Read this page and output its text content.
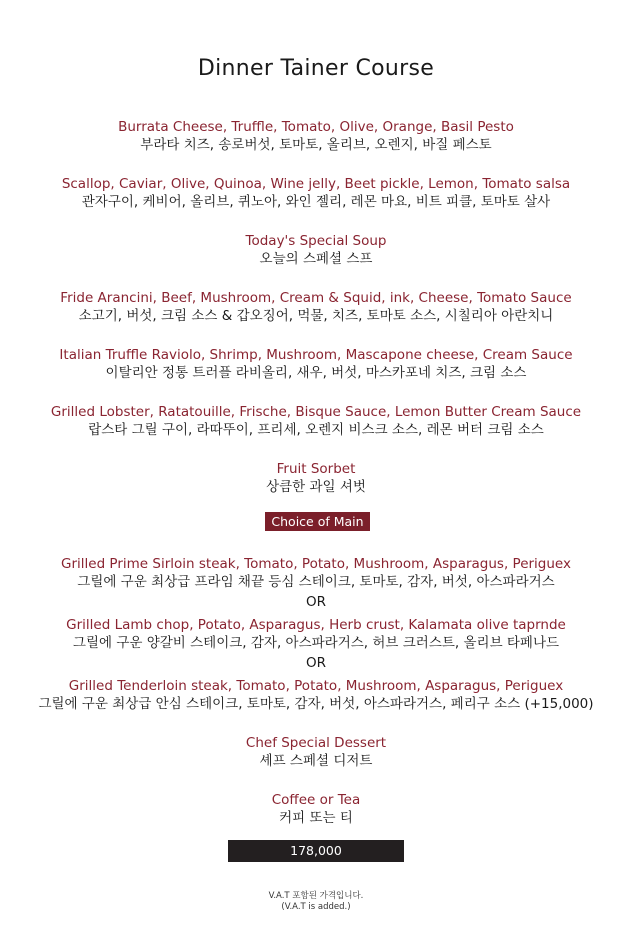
Dinner Tainer Course
Burrata Cheese, Truffle, Tomato, Olive, Orange, Basil Pesto
부라타 치즈, 송로버섯, 토마토, 올리브, 오렌지, 바질 페스토
Scallop, Caviar, Olive, Quinoa, Wine jelly, Beet pickle, Lemon, Tomato salsa
관자구이, 케비어, 올리브, 퀴노아, 와인 젤리, 레몬 마요, 비트 피클, 토마토 살사
Today's Special Soup
오늘의 스페셜 스프
Fride Arancini, Beef, Mushroom, Cream & Squid, ink, Cheese, Tomato Sauce
소고기, 버섯, 크림 소스 & 갑오징어, 먹물, 치즈, 토마토 소스, 시칠리아 아란치니
Italian Truffle Raviolo, Shrimp, Mushroom, Mascapone cheese, Cream Sauce
이탈리안 정통 트러플 라비올리, 새우, 버섯, 마스카포네 치즈, 크림 소스
Grilled Lobster, Ratatouille, Frische, Bisque Sauce, Lemon Butter Cream Sauce
랍스타 그릴 구이, 라따뚜이, 프리세, 오렌지 비스크 소스, 레몬 버터 크림 소스
Fruit Sorbet
상큼한 과일 셔벗
Choice of Main
Grilled Prime Sirloin steak, Tomato, Potato, Mushroom, Asparagus, Periguex
그릴에 구운 최상급 프라임 채끝 등심 스테이크, 토마토, 감자, 버섯, 아스파라거스
OR
Grilled Lamb chop, Potato, Asparagus, Herb crust, Kalamata olive taprnde
그릴에 구운 양갈비 스테이크, 감자, 아스파라거스, 허브 크러스트, 올리브 타페나드
OR
Grilled Tenderloin steak, Tomato, Potato, Mushroom, Asparagus, Periguex
그릴에 구운 최상급 안심 스테이크, 토마토, 감자, 버섯, 아스파라거스, 페리구 소스 (+15,000)
Chef Special Dessert
셰프 스페셜 디저트
Coffee or Tea
커피 또는 티
178,000
V.A.T 포함된 가격입니다.
(V.A.T is added.)
